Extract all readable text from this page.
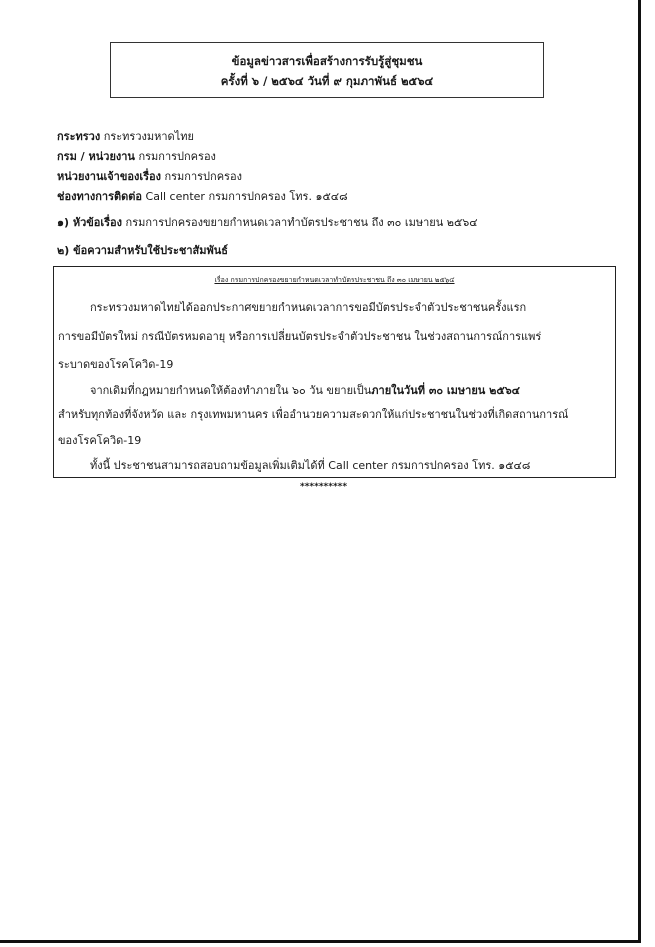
ข้อมูลข่าวสารเพื่อสร้างการรับรู้สู่ชุมชน
ครั้งที่ ๖ / ๒๕๖๔ วันที่ ๙ กุมภาพันธ์ ๒๕๖๔
กระทรวง กระทรวงมหาดไทย
กรม / หน่วยงาน กรมการปกครอง
หน่วยงานเจ้าของเรื่อง กรมการปกครอง
ช่องทางการติดต่อ Call center กรมการปกครอง โทร. ๑๕๔๘
๑) หัวข้อเรื่อง กรมการปกครองขยายกำหนดเวลาทำบัตรประชาชน ถึง ๓๐ เมษายน ๒๕๖๔
๒) ข้อความสำหรับใช้ประชาสัมพันธ์
เรื่อง กรมการปกครองขยายกำหนดเวลาทำบัตรประชาชน ถึง ๓๐ เมษายน ๒๕๖๔
กระทรวงมหาดไทยได้ออกประกาศขยายกำหนดเวลาการขอมีบัตรประจำตัวประชาชนครั้งแรก
การขอมีบัตรใหม่ กรณีบัตรหมดอายุ หรือการเปลี่ยนบัตรประจำตัวประชาชน ในช่วงสถานการณ์การแพร่
ระบาดของโรคโควิด-19
จากเดิมที่กฎหมายกำหนดให้ต้องทำภายใน ๖๐ วัน ขยายเป็นภายในวันที่ ๓๐ เมษายน ๒๕๖๔
สำหรับทุกท้องที่จังหวัด และ กรุงเทพมหานคร เพื่ออำนวยความสะดวกให้แก่ประชาชนในช่วงที่เกิดสถานการณ์
ของโรคโควิด-19
ทั้งนี้ ประชาชนสามารถสอบถามข้อมูลเพิ่มเติมได้ที่ Call center กรมการปกครอง โทร. ๑๕๔๘
**********
